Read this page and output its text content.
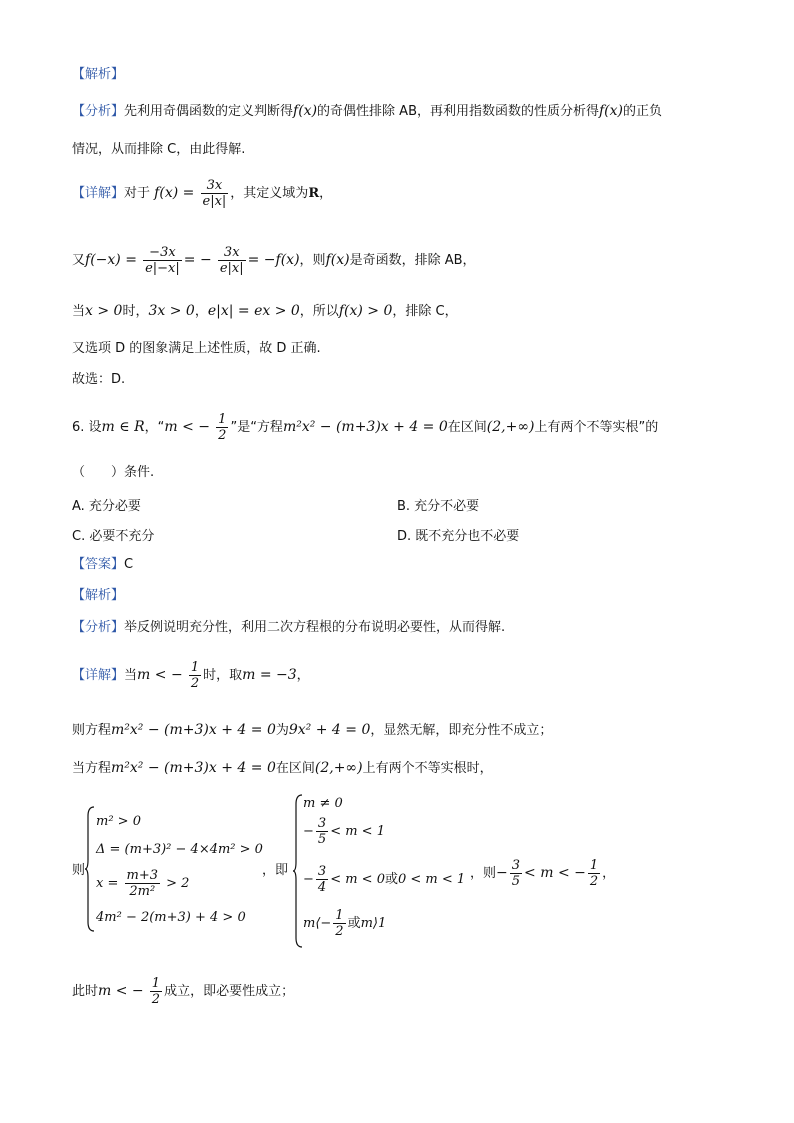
【解析】
【分析】先利用奇偶函数的定义判断得f(x)的奇偶性排除 AB，再利用指数函数的性质分析得f(x)的正负
情况，从而排除 C，由此得解.
【详解】对于 $f(x) = \frac{3x}{e|x|}$ ，其定义域为R，
又$f(-x) = \frac{-3x}{e|-x|}$ = − $\frac{3x}{e|x|} = -f(x)$，则f(x)是奇函数，排除 AB，
当x > 0时，3x > 0，e|x| = ex > 0，所以f(x) > 0，排除 C，
又选项 D 的图象满足上述性质，故 D 正确.
故选：D.
6. 设m ∈ R，“m < − $\frac{1}{2}$ ”是“方程m²x² − (m+3)x + 4 = 0在区间(2,+∞)上有两个不等实根”的
（　　）条件.
A. 充分必要	B. 充分不必要
C. 必要不充分	D. 既不充分也不必要
【答案】C
【解析】
【分析】举反例说明充分性，利用二次方程根的分布说明必要性，从而得解.
【详解】当m < − $\frac{1}{2}$ 时，取m = −3，
则方程m²x² − (m+3)x + 4 = 0为9x² + 4 = 0，显然无解，即充分性不成立；
当方程m²x² − (m+3)x + 4 = 0在区间(2,+∞)上有两个不等实根时，
则
m² > 0
Δ = (m+3)² − 4×4m² > 0
$x = \frac{m+3}{\text{2m²}} > 2$
4m² − 2(m+3) + 4 > 0
，即
m ≠ 0
− $\frac{3}{5} < m < 1$
− $\frac{3}{4} < m < 0$或0 < m < 1
m⟨− $\frac{1}{2}$ 或m⟩1
，则− $\frac{3}{5} < m$ < − $\frac{1}{2}$ ，
此时m < − $\frac{1}{2}$ 成立，即必要性成立；
